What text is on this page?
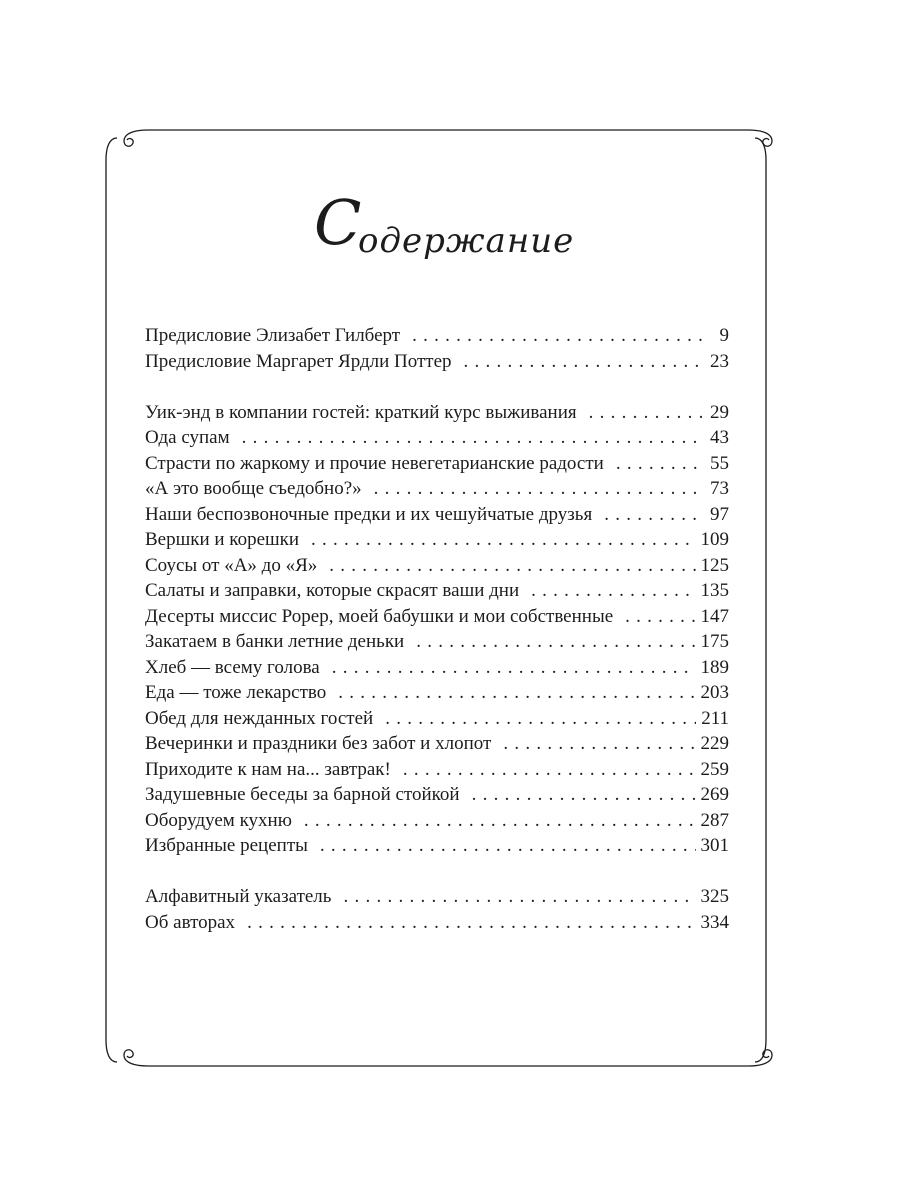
С
одержание
Предисловие Элизабет Гилберт . . .	9
Предисловие Маргарет Ярдли Поттер . . .	23
Уик-энд в компании гостей: краткий курс выживания . . .	29
Ода супам . . .	43
Страсти по жаркому и прочие невегетарианские радости . . .	55
«А это вообще съедобно?» . . .	73
Наши беспозвоночные предки и их чешуйчатые друзья . . .	97
Вершки и корешки . . .	109
Соусы от «А» до «Я» . . .	125
Салаты и заправки, которые скрасят ваши дни . . .	135
Десерты миссис Рорер, моей бабушки и мои собственные . . .	147
Закатаем в банки летние деньки . . .	175
Хлеб — всему голова . . .	189
Еда — тоже лекарство . . .	203
Обед для нежданных гостей . . .	211
Вечеринки и праздники без забот и хлопот . . .	229
Приходите к нам на... завтрак! . . .	259
Задушевные беседы за барной стойкой . . .	269
Оборудуем кухню . . .	287
Избранные рецепты . . .	301
Алфавитный указатель . . .	325
Об авторах . . .	334
